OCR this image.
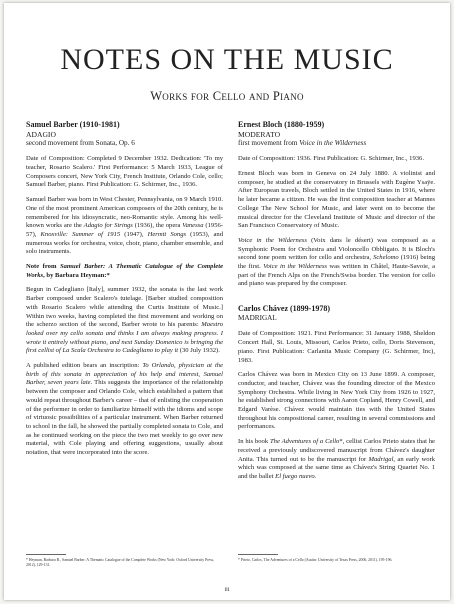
NOTES ON THE MUSIC
Works for Cello and Piano

Samuel Barber (1910-1981)

ADAGIO

second movement from Sonata, Op. 6

Date of Composition: Completed 9 December 1932. Dedication: 'To my teacher, Rosario Scalero.' First Performance: 5 March 1933, League of Composers concert, New York City, French Institute, Orlando Cole, cello; Samuel Barber, piano. First Publication: G. Schirmer, Inc., 1936.

Samuel Barber was born in West Chester, Pennsylvania, on 9 March 1910. One of the most prominent American composers of the 20th century, he is remembered for his idiosyncratic, neo-Romantic style. Among his well-known works are the Adagio for Strings (1936), the opera Vanessa (1956-57), Knoxville: Summer of 1915 (1947), Hermit Songs (1953), and numerous works for orchestra, voice, choir, piano, chamber ensemble, and solo instruments.

Note from Samuel Barber: A Thematic Catalogue of the Complete Works, by Barbara Heyman:*

Begun in Cadegliano [Italy], summer 1932, the sonata is the last work Barber composed under Scalero's tutelage. [Barber studied composition with Rosario Scalero while attending the Curtis Institute of Music.] Within two weeks, having completed the first movement and working on the scherzo section of the second, Barber wrote to his parents: Maestro looked over my cello sonata and thinks I am always making progress. I wrote it entirely without piano, and next Sunday Domenico is bringing the first cellist of La Scala Orchestra to Cadegliano to play it (30 July 1932).

A published edition bears an inscription: To Orlando, physician at the birth of this sonata in appreciation of his help and interest, Samuel Barber, seven years late. This suggests the importance of the relationship between the composer and Orlando Cole, which established a pattern that would repeat throughout Barber's career – that of enlisting the cooperation of the performer in order to familiarize himself with the idioms and scope of virtuosic possibilities of a particular instrument. When Barber returned to school in the fall, he showed the partially completed sonata to Cole, and as he continued working on the piece the two met weekly to go over new material, with Cole playing and offering suggestions, usually about notation, that were incorporated into the score.

Ernest Bloch (1880-1959)

MODERATO

first movement from Voice in the Wilderness

Date of Composition: 1936. First Publication: G. Schirmer, Inc., 1936.

Ernest Bloch was born in Geneva on 24 July 1880. A violinist and composer, he studied at the conservatory in Brussels with Eugène Ysaÿe. After European travels, Bloch settled in the United States in 1916, where he later became a citizen. He was the first composition teacher at Mannes College The New School for Music, and later went on to become the musical director for the Cleveland Institute of Music and director of the San Francisco Conservatory of Music.

Voice in the Wilderness (Voix dans le désert) was composed as a Symphonic Poem for Orchestra and Violoncello Obbligato. It is Bloch's second tone poem written for cello and orchestra, Schelomo (1916) being the first. Voice in the Wilderness was written in Châtel, Haute-Savoie, a part of the French Alps on the French/Swiss border. The version for cello and piano was prepared by the composer.

Carlos Chávez (1899-1978)

MADRIGAL

Date of Composition: 1921. First Performance: 31 January 1988, Sheldon Concert Hall, St. Louis, Missouri, Carlos Prieto, cello, Doris Stevenson, piano. First Publication: Carlanita Music Company (G. Schirmer, Inc), 1983.

Carlos Chávez was born in Mexico City on 13 June 1899. A composer, conductor, and teacher, Chávez was the founding director of the Mexico Symphony Orchestra. While living in New York City from 1926 to 1927, he established strong connections with Aaron Copland, Henry Cowell, and Edgard Varèse. Chávez would maintain ties with the United States throughout his compositional career, resulting in several commissions and performances.

In his book The Adventures of a Cello*, cellist Carlos Prieto states that he received a previously undiscovered manuscript from Chávez's daughter Anita. This turned out to be the manuscript for Madrigal, an early work which was composed at the same time as Chávez's String Quartet No. 1 and the ballet El fuego nuevo.

* Heyman, Barbara B., Samuel Barber: A Thematic Catalogue of the Complete Works (New York: Oxford University Press, 2012), 129-131.
* Prieto, Carlos, The Adventures of a Cello (Austin: University of Texas Press, 2006, 2011), 195-196.
iii
